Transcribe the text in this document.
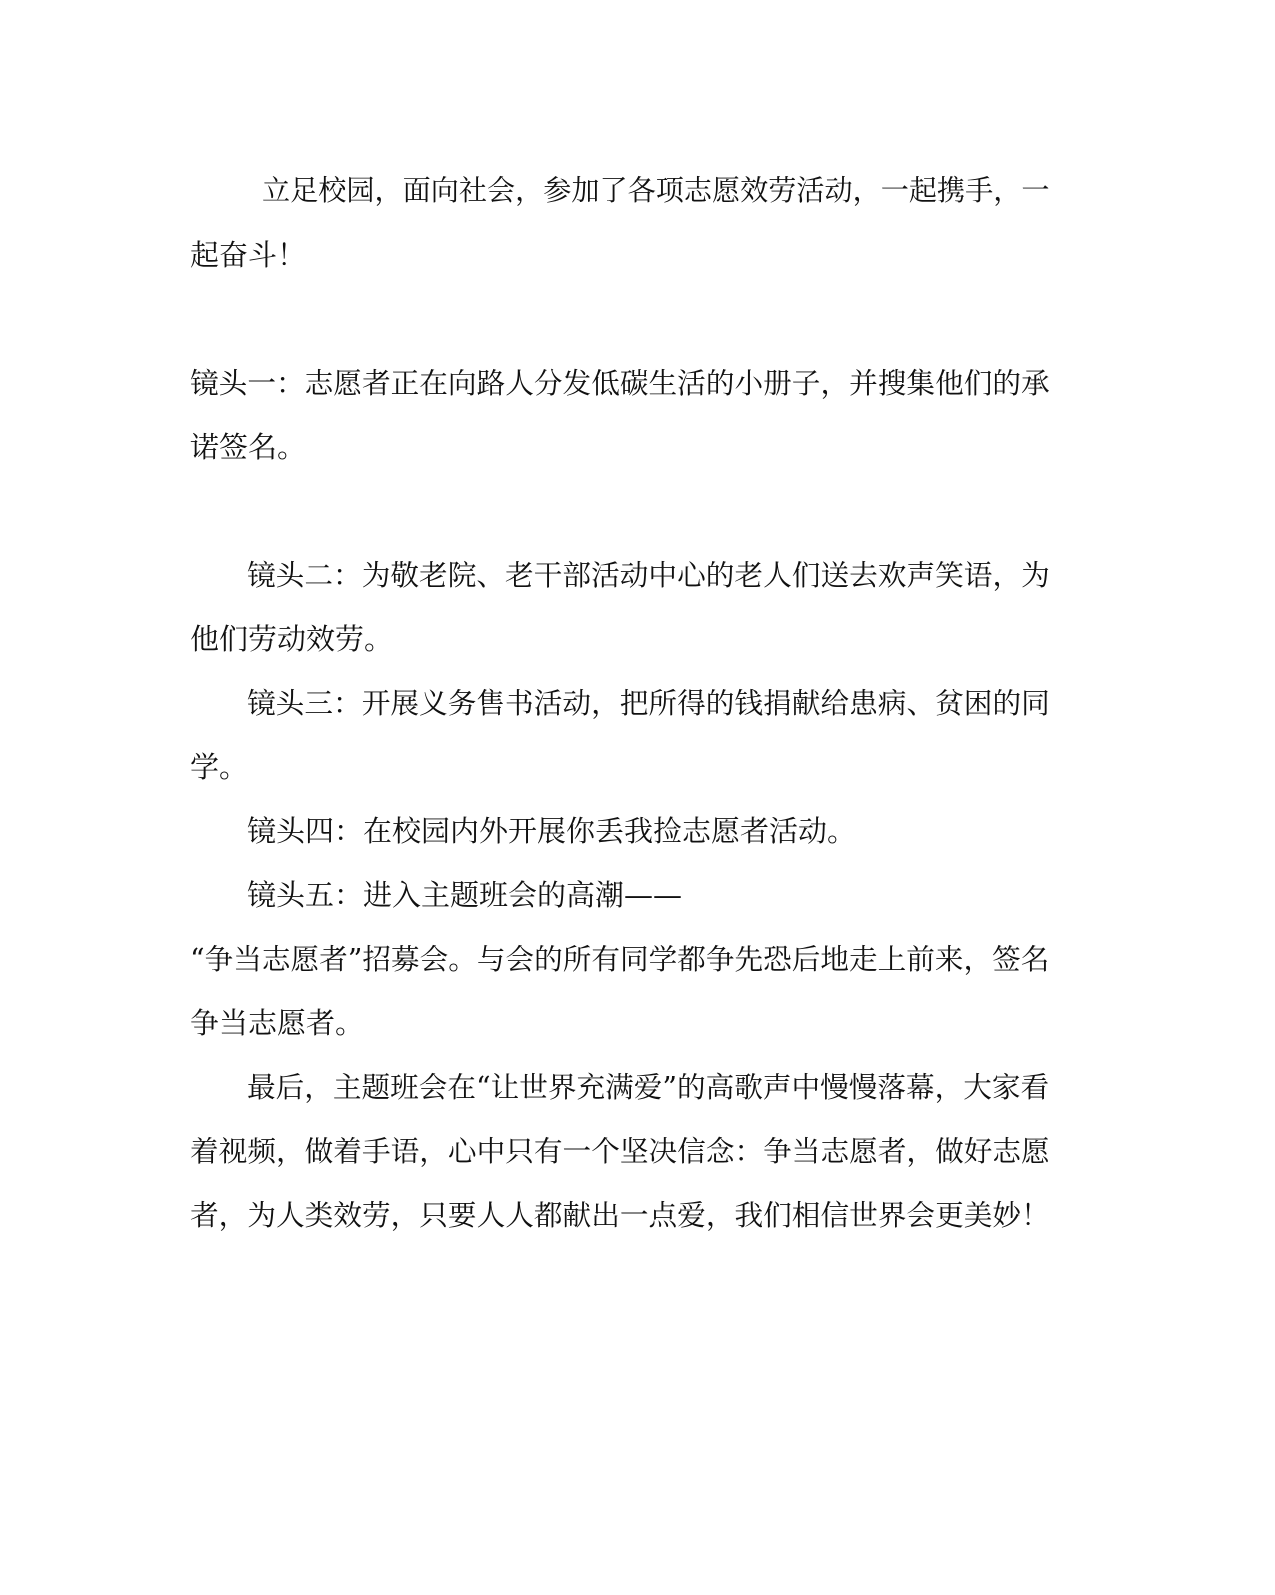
立足校园，面向社会，参加了各项志愿效劳活动，一起携手，一

起奋斗！

镜头一：志愿者正在向路人分发低碳生活的小册子，并搜集他们的承

诺签名。

镜头二：为敬老院、老干部活动中心的老人们送去欢声笑语，为

他们劳动效劳。

镜头三：开展义务售书活动，把所得的钱捐献给患病、贫困的同

学。

镜头四：在校园内外开展你丢我捡志愿者活动。

镜头五：进入主题班会的高潮——

“争当志愿者”招募会。与会的所有同学都争先恐后地走上前来，签名

争当志愿者。

最后，主题班会在“让世界充满爱”的高歌声中慢慢落幕，大家看

着视频，做着手语，心中只有一个坚决信念：争当志愿者，做好志愿

者，为人类效劳，只要人人都献出一点爱，我们相信世界会更美妙！
